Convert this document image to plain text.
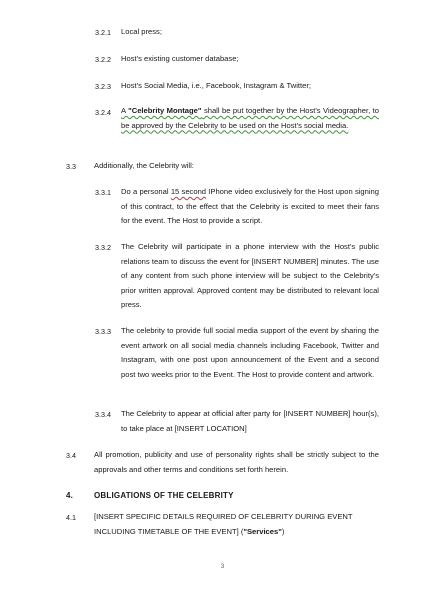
3.2.1 Local press;
3.2.2 Host's existing customer database;
3.2.3 Host's Social Media, i.e., Facebook, Instagram & Twitter;
3.2.4 A "Celebrity Montage" shall be put together by the Host's Videographer, to be approved by the Celebrity to be used on the Host's social media.
3.3 Additionally, the Celebrity will:
3.3.1 Do a personal 15 second IPhone video exclusively for the Host upon signing of this contract, to the effect that the Celebrity is excited to meet their fans for the event. The Host to provide a script.
3.3.2 The Celebrity will participate in a phone interview with the Host's public relations team to discuss the event for [INSERT NUMBER] minutes. The use of any content from such phone interview will be subject to the Celebrity's prior written approval. Approved content may be distributed to relevant local press.
3.3.3 The celebrity to provide full social media support of the event by sharing the event artwork on all social media channels including Facebook, Twitter and Instagram, with one post upon announcement of the Event and a second post two weeks prior to the Event. The Host to provide content and artwork.
3.3.4 The Celebrity to appear at official after party for [INSERT NUMBER] hour(s), to take place at [INSERT LOCATION]
3.4 All promotion, publicity and use of personality rights shall be strictly subject to the approvals and other terms and conditions set forth herein.
4.	OBLIGATIONS OF THE CELEBRITY
4.1 [INSERT SPECIFIC DETAILS REQUIRED OF CELEBRITY DURING EVENT INCLUDING TIMETABLE OF THE EVENT] ("Services")
3
